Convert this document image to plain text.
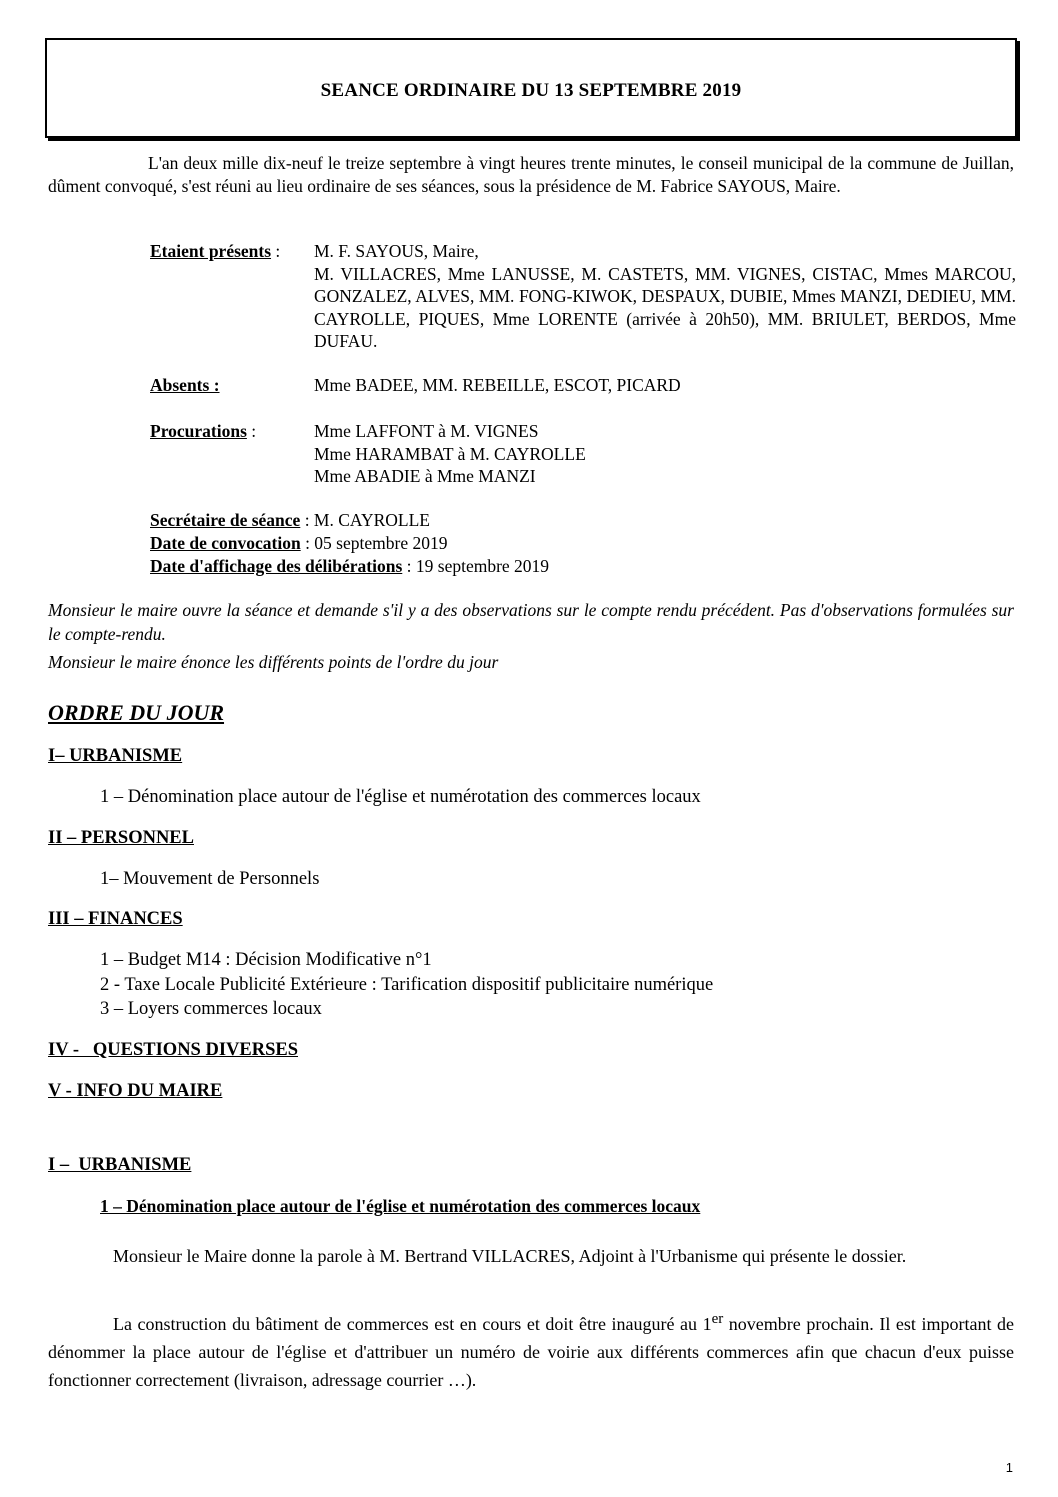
SEANCE ORDINAIRE DU 13 SEPTEMBRE 2019

L'an deux mille dix-neuf le treize septembre à vingt heures trente minutes, le conseil municipal de la commune de Juillan, dûment convoqué, s'est réuni au lieu ordinaire de ses séances, sous la présidence de M. Fabrice SAYOUS, Maire.

Etaient présents : M. F. SAYOUS, Maire,
M. VILLACRES, Mme LANUSSE, M. CASTETS, MM. VIGNES, CISTAC, Mmes MARCOU, GONZALEZ, ALVES, MM. FONG-KIWOK, DESPAUX, DUBIE, Mmes MANZI, DEDIEU, MM. CAYROLLE, PIQUES, Mme LORENTE (arrivée à 20h50), MM. BRIULET, BERDOS, Mme DUFAU.
Absents :	Mme BADEE, MM. REBEILLE, ESCOT, PICARD
Procurations :	Mme LAFFONT à M. VIGNES
Mme HARAMBAT à M. CAYROLLE
Mme ABADIE à Mme MANZI
Secrétaire de séance : M. CAYROLLE
Date de convocation : 05 septembre 2019
Date d'affichage des délibérations : 19 septembre 2019
Monsieur le maire ouvre la séance et demande s'il y a des observations sur le compte rendu précédent. Pas d'observations formulées sur le compte-rendu.
Monsieur le maire énonce les différents points de l'ordre du jour
ORDRE DU JOUR
I– URBANISME
1 – Dénomination place autour de l'église et numérotation des commerces locaux
II – PERSONNEL
1– Mouvement de Personnels
III – FINANCES
1 – Budget M14 : Décision Modificative n°1
2 - Taxe Locale Publicité Extérieure : Tarification dispositif publicitaire numérique
3 – Loyers commerces locaux
IV -   QUESTIONS DIVERSES
V - INFO DU MAIRE
I –  URBANISME
1 – Dénomination place autour de l'église et numérotation des commerces locaux

Monsieur le Maire donne la parole à M. Bertrand VILLACRES, Adjoint à l'Urbanisme qui présente le dossier.

La construction du bâtiment de commerces est en cours et doit être inauguré au 1er novembre prochain. Il est important de dénommer la place autour de l'église et d'attribuer un numéro de voirie aux différents commerces afin que chacun d'eux puisse fonctionner correctement (livraison, adressage courrier …).

1
